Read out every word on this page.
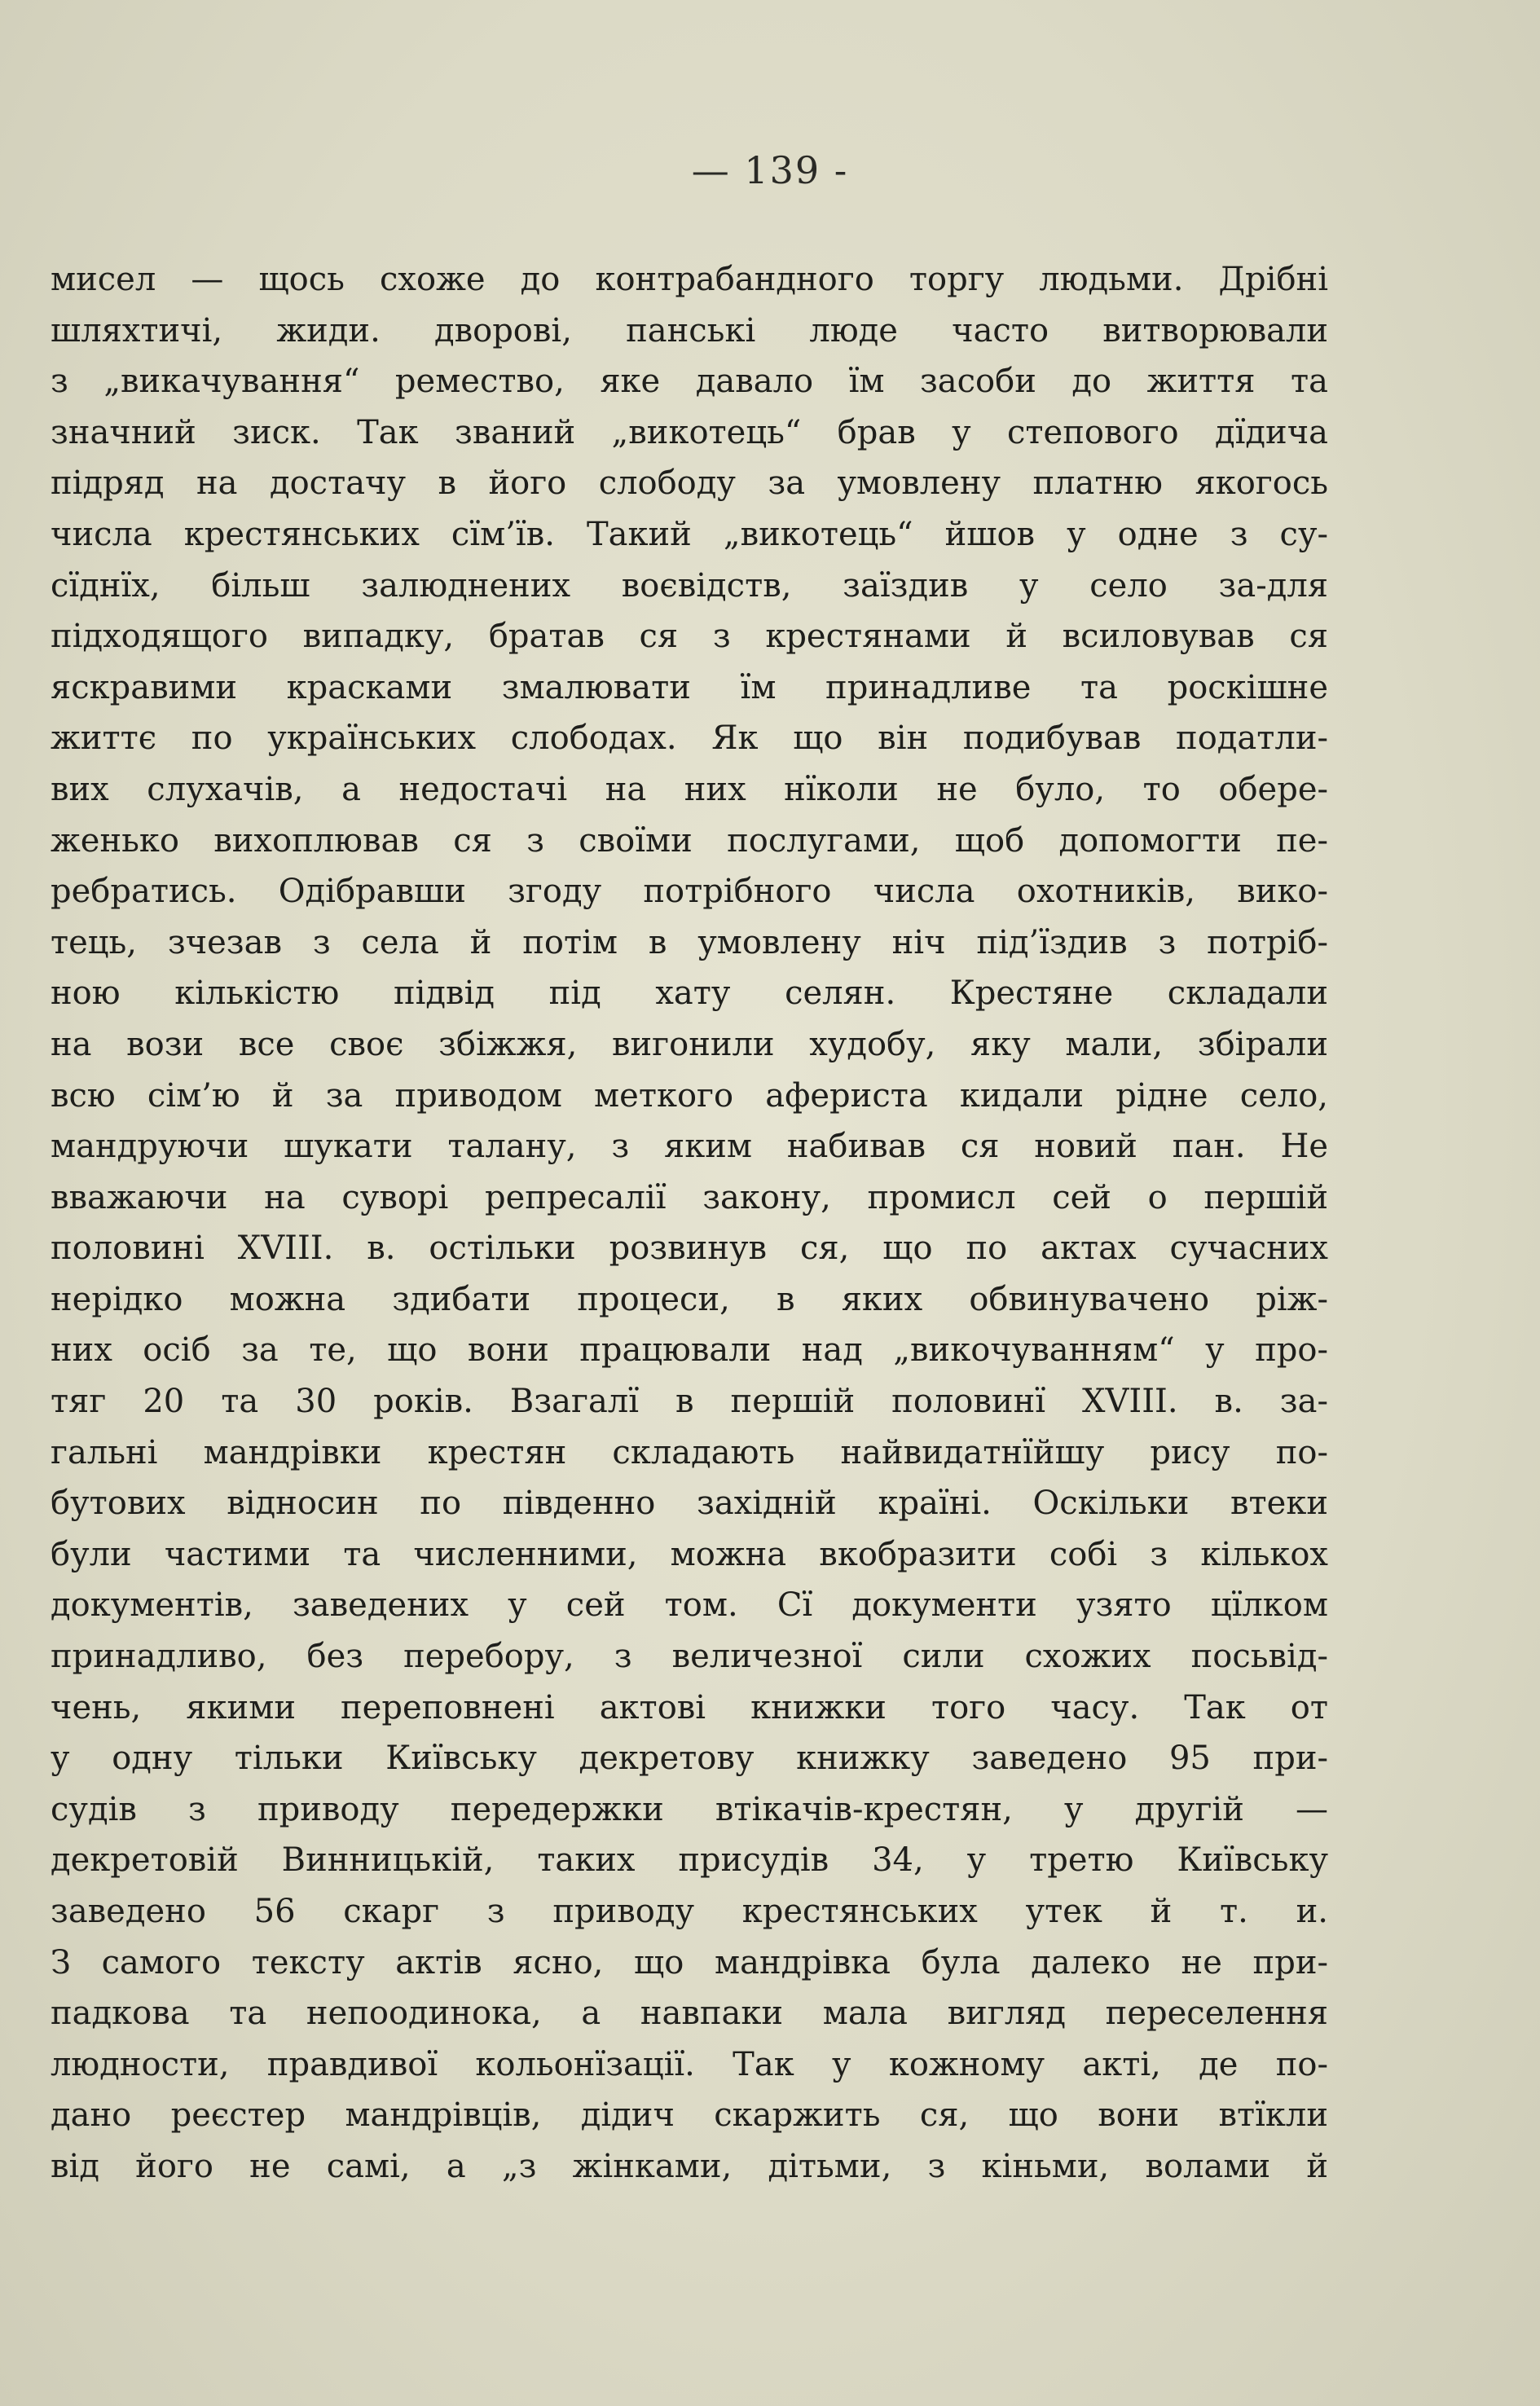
— 139 -
мисел — щось схоже до контрабандного торгу людьми. Дрібні
шляхтичі, жиди. дворові, панські люде часто витворювали
з „викачування“ ремество, яке давало їм засоби до життя та
значний зиск. Так званий „викотець“ брав у степового дїдича
підряд на достачу в його слободу за умовлену платню якогось
числа крестянських сїм’їв. Такий „викотець“ йшов у одне з су-
сїднїх, більш залюднених воєвідств, заїздив у село за-для
підходящого випадку, братав ся з крестянами й всиловував ся
яскравими красками змалювати їм принадливе та роскішне
життє по українських слободах. Як що він подибував податли-
вих слухачів, а недостачі на них нїколи не було, то обере-
женько вихоплював ся з своїми послугами, щоб допомогти пе-
ребратись. Одібравши згоду потрібного числа охотників, вико-
тець, зчезав з села й потім в умовлену ніч під’їздив з потріб-
ною кількістю підвід під хату селян. Крестяне складали
на вози все своє збіжжя, вигонили худобу, яку мали, збірали
всю сім’ю й за приводом меткого афериста кидали рідне село,
мандруючи шукати талану, з яким набивав ся новий пан. Не
вважаючи на суворі репресалії закону, промисл сей о першій
половині XVIII. в. остільки розвинув ся, що по актах сучасних
нерідко можна здибати процеси, в яких обвинувачено ріж-
них осіб за те, що вони працювали над „викочуванням“ у про-
тяг 20 та 30 років. Взагалї в першій половинї XVIII. в. за-
гальні мандрівки крестян складають найвидатнїйшу рису по-
бутових відносин по південно західній країні. Оскільки втеки
були частими та численними, можна вкобразити собі з кількох
документів, заведених у сей том. Сї документи узято цїлком
принадливо, без перебору, з величезної сили схожих посьвід-
чень, якими переповнені актові книжки того часу. Так от
у одну тільки Київську декретову книжку заведено 95 при-
судів з приводу передержки втікачів-крестян, у другій —
декретовій Винницькій, таких присудів 34, у третю Київську
заведено 56 скарг з приводу крестянських утек й т. и.
З самого тексту актів ясно, що мандрівка була далеко не при-
падкова та непоодинока, а навпаки мала вигляд переселення
людности, правдивої кольонїзації. Так у кожному акті, де по-
дано реєстер мандрівців, дідич скаржить ся, що вони втїкли
від його не самі, а „з жінками, дітьми, з кіньми, волами й
